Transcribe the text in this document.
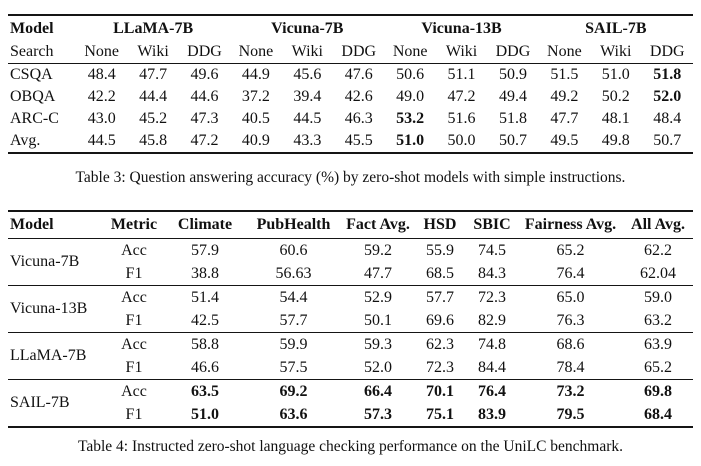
Model	LLaMA-7B			Vicuna-7B			Vicuna-13B			SAIL-7B		
Search	None	Wiki	DDG	None	Wiki	DDG	None	Wiki	DDG	None	Wiki	DDG
CSQA	48.4	47.7	49.6	44.9	45.6	47.6	50.6	51.1	50.9	51.5	51.0	51.8
OBQA	42.2	44.4	44.6	37.2	39.4	42.6	49.0	47.2	49.4	49.2	50.2	52.0
ARC-C	43.0	45.2	47.3	40.5	44.5	46.3	53.2	51.6	51.8	47.7	48.1	48.4
Avg.	44.5	45.8	47.2	40.9	43.3	45.5	51.0	50.0	50.7	49.5	49.8	50.7
Table 3: Question answering accuracy (%) by zero-shot models with simple instructions.
Model	Metric	Climate	PubHealth	Fact Avg.	HSD	SBIC	Fairness Avg.	All Avg.
Vicuna-7B	Acc	57.9	60.6	59.2	55.9	74.5	65.2	62.2
	F1	38.8	56.63	47.7	68.5	84.3	76.4	62.04
Vicuna-13B	Acc	51.4	54.4	52.9	57.7	72.3	65.0	59.0
	F1	42.5	57.7	50.1	69.6	82.9	76.3	63.2
LLaMA-7B	Acc	58.8	59.9	59.3	62.3	74.8	68.6	63.9
	F1	46.6	57.5	52.0	72.3	84.4	78.4	65.2
SAIL-7B	Acc	63.5	69.2	66.4	70.1	76.4	73.2	69.8
	F1	51.0	63.6	57.3	75.1	83.9	79.5	68.4
Table 4: Instructed zero-shot language checking performance on the UniLC benchmark.
